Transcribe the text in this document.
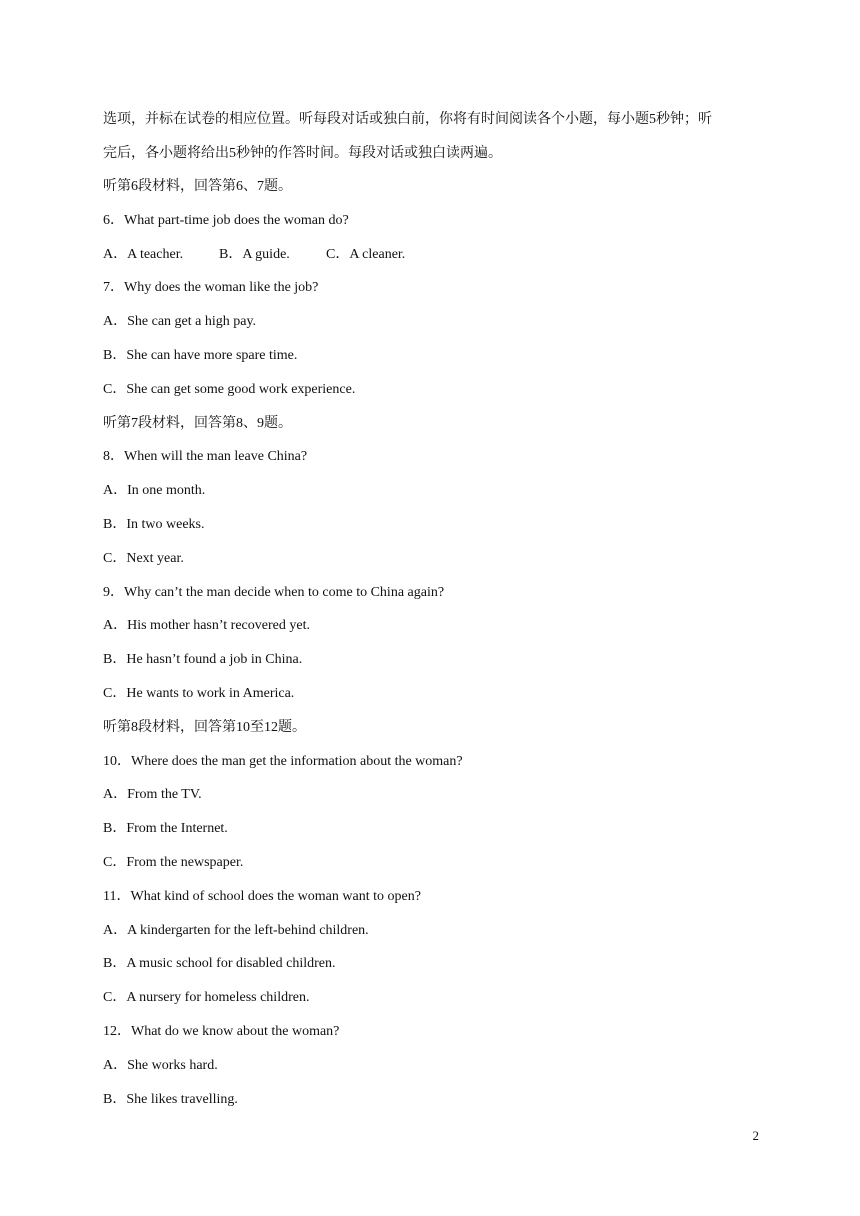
选项，并标在试卷的相应位置。听每段对话或独白前，你将有时间阅读各个小题，每小题5秒钟；听
完后，各小题将给出5秒钟的作答时间。每段对话或独白读两遍。
听第6段材料，回答第6、7题。
6．What part-time job does the woman do?
A．A teacher.	B．A guide.	C．A cleaner.
7．Why does the woman like the job?
A．She can get a high pay.
B．She can have more spare time.
C．She can get some good work experience.
听第7段材料，回答第8、9题。
8．When will the man leave China?
A．In one month.
B．In two weeks.
C．Next year.
9．Why can’t the man decide when to come to China again?
A．His mother hasn’t recovered yet.
B．He hasn’t found a job in China.
C．He wants to work in America.
听第8段材料，回答第10至12题。
10．Where does the man get the information about the woman?
A．From the TV.
B．From the Internet.
C．From the newspaper.
11．What kind of school does the woman want to open?
A．A kindergarten for the left-behind children.
B．A music school for disabled children.
C．A nursery for homeless children.
12．What do we know about the woman?
A．She works hard.
B．She likes travelling.
2
